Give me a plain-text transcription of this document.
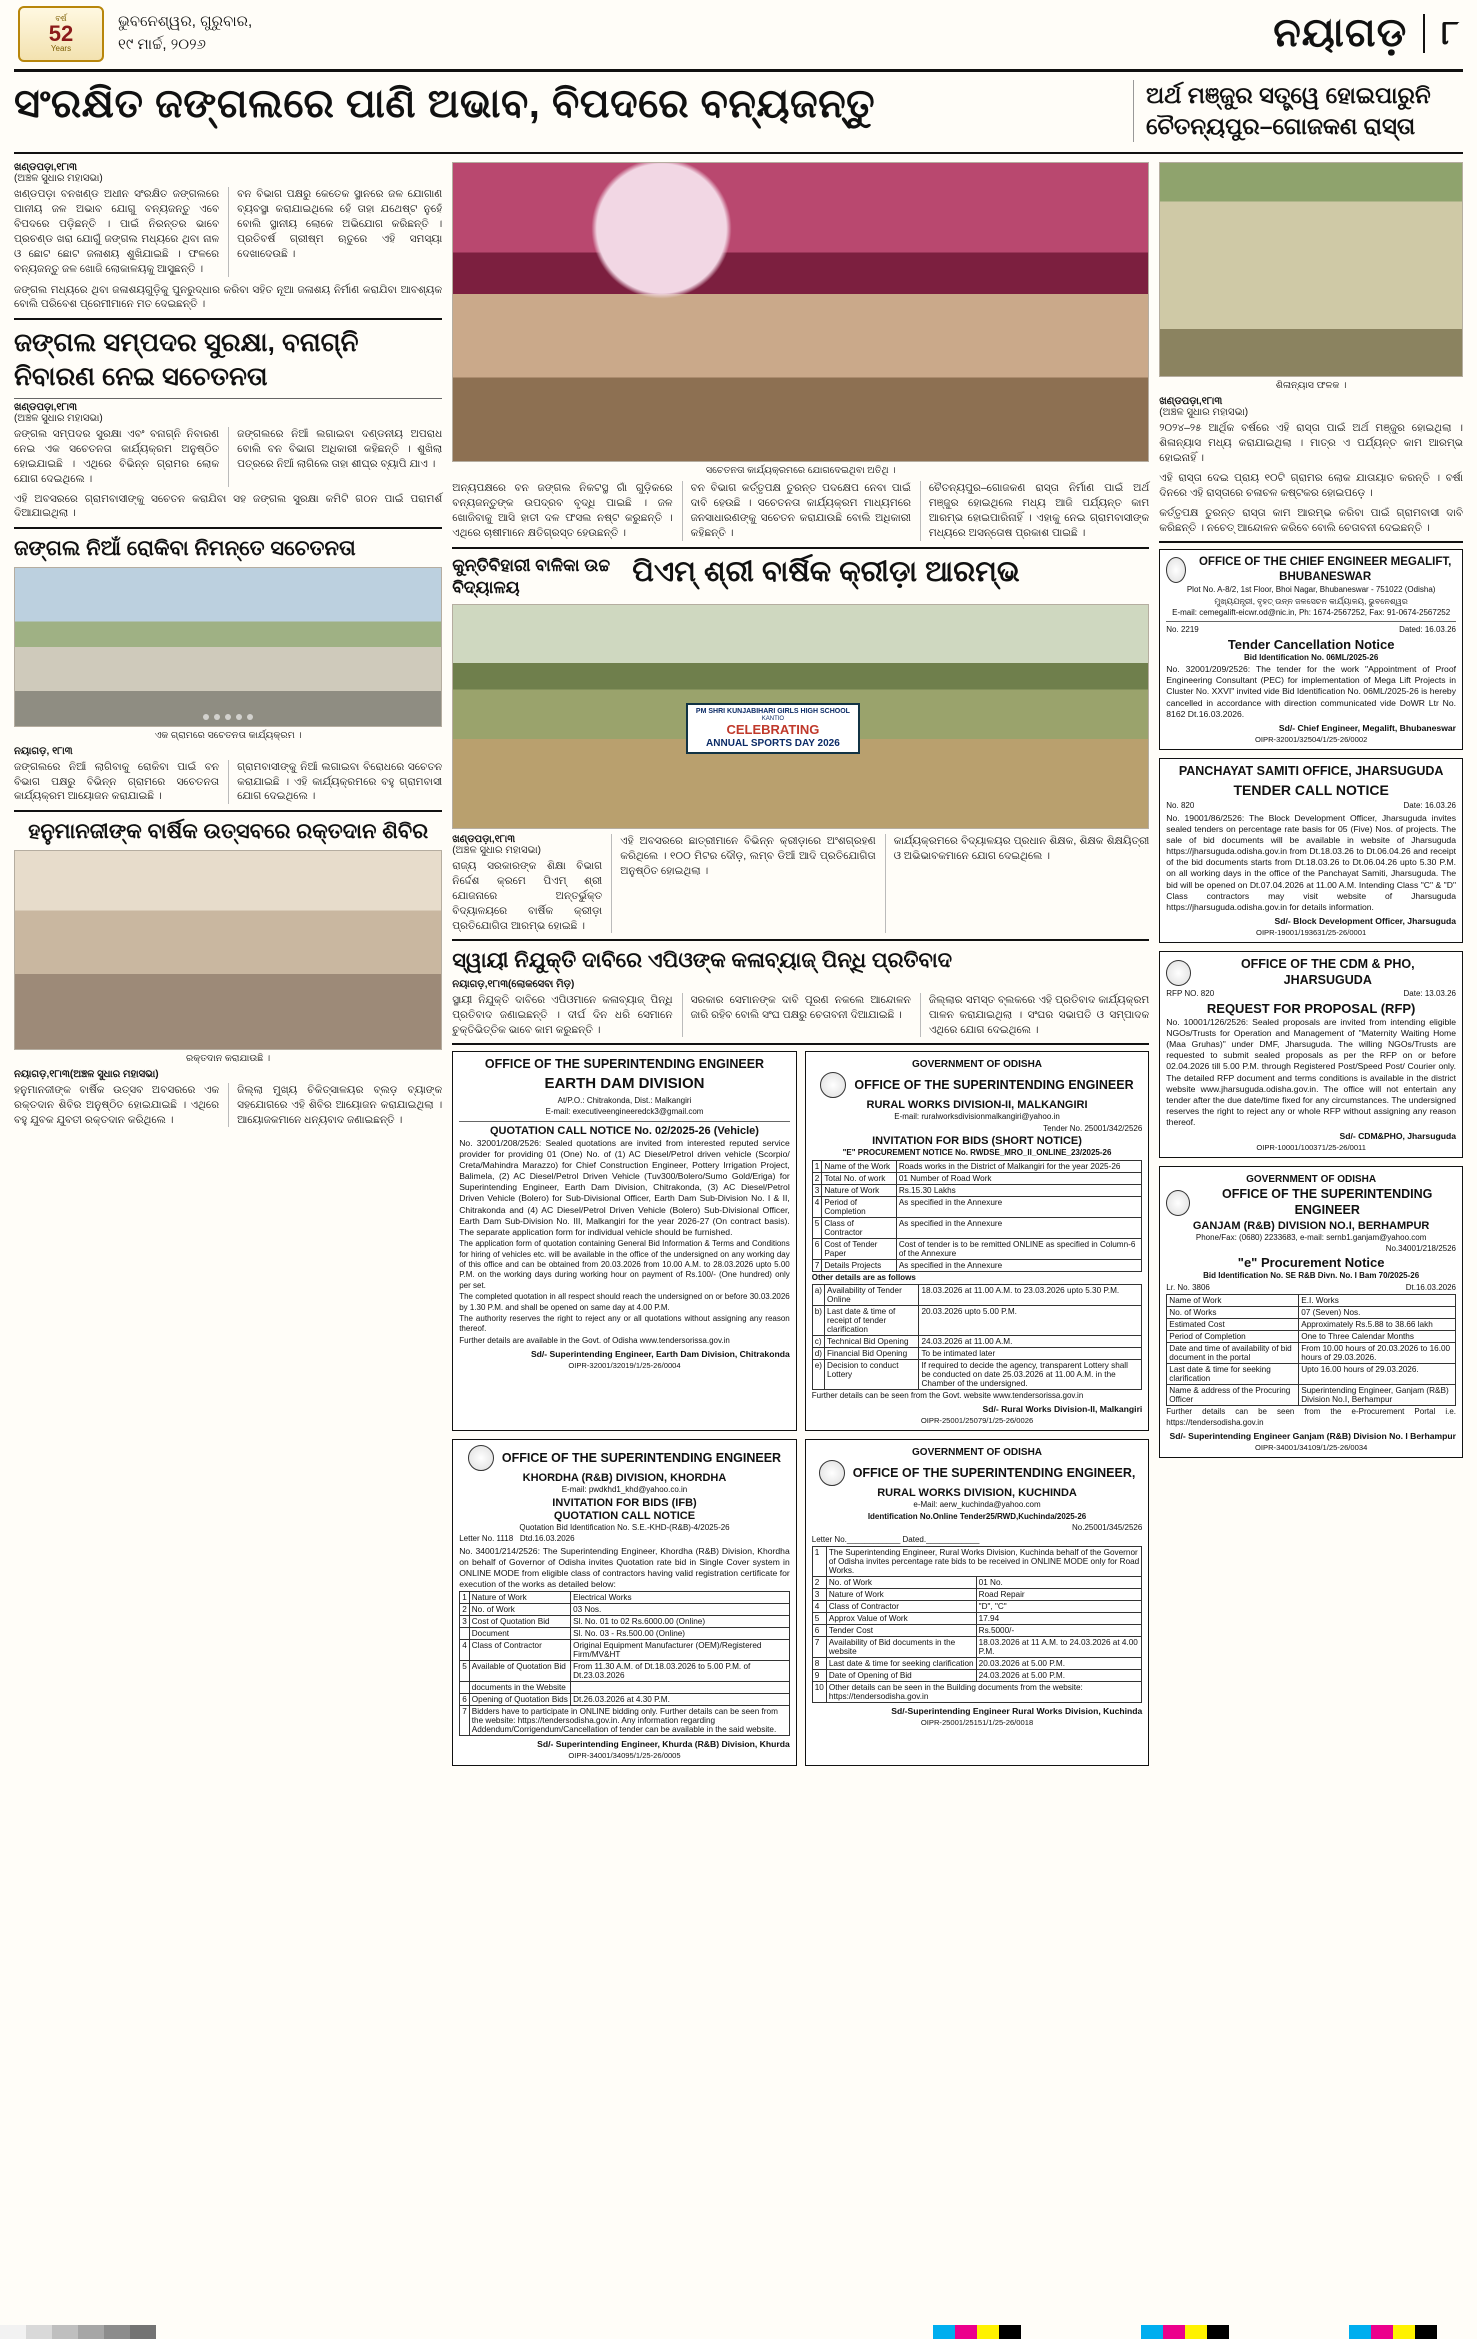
ବର୍ଷ
52
Years
ଭୁବନେଶ୍ୱର, ଗୁରୁବାର,
୧୯ ମାର୍ଚ୍ଚ, ୨୦୨୬	ନୟାଗଡ଼	୮
ସଂରକ୍ଷିତ ଜଙ୍ଗଲରେ ପାଣି ଅଭାବ, ବିପଦରେ ବନ୍ୟଜନ୍ତୁ	ଅର୍ଥ ମଞ୍ଜୁର ସତ୍ତ୍ୱେ ହୋଇପାରୁନି ଚୈତନ୍ୟପୁର–ଗୋଜକଣ ରାସ୍ତା
ଖଣ୍ଡପଡ଼ା,୧୮ା୩
(ଅଞ୍ଚଳ ସୁଧାର ମହାସଭା)
ଖଣ୍ଡପଡ଼ା ବନଖଣ୍ଡ ଅଧୀନ ସଂରକ୍ଷିତ ଜଙ୍ଗଲରେ ପାନୀୟ ଜଳ ଅଭାବ ଯୋଗୁ ବନ୍ୟଜନ୍ତୁ ଏବେ ବିପଦରେ ପଡ଼ିଛନ୍ତି । ପାଇଁ ନିରନ୍ତର ଭାବେ ପ୍ରଚଣ୍ଡ ଖରା ଯୋଗୁଁ ଜଙ୍ଗଲ ମଧ୍ୟରେ ଥିବା ନାଳ ଓ ଛୋଟ ଛୋଟ ଜଳାଶୟ ଶୁଖିଯାଇଛି । ଫଳରେ ବନ୍ୟଜନ୍ତୁ ଜଳ ଖୋଜି ଲୋକାଳୟକୁ ଆସୁଛନ୍ତି ।
ବନ ବିଭାଗ ପକ୍ଷରୁ କେତେକ ସ୍ଥାନରେ ଜଳ ଯୋଗାଣ ବ୍ୟବସ୍ଥା କରାଯାଇଥିଲେ ହେଁ ତାହା ଯଥେଷ୍ଟ ନୁହେଁ ବୋଲି ସ୍ଥାନୀୟ ଲୋକେ ଅଭିଯୋଗ କରିଛନ୍ତି । ପ୍ରତିବର୍ଷ ଗ୍ରୀଷ୍ମ ଋତୁରେ ଏହି ସମସ୍ୟା ଦେଖାଦେଉଛି ।
ଜଙ୍ଗଲ ମଧ୍ୟରେ ଥିବା ଜଳାଶୟଗୁଡ଼ିକୁ ପୁନରୁଦ୍ଧାର କରିବା ସହିତ ନୂଆ ଜଳାଶୟ ନିର୍ମାଣ କରାଯିବା ଆବଶ୍ୟକ ବୋଲି ପରିବେଶ ପ୍ରେମୀମାନେ ମତ ଦେଇଛନ୍ତି ।
ଜଙ୍ଗଲ ସମ୍ପଦର ସୁରକ୍ଷା, ବନାଗ୍ନି ନିବାରଣ ନେଇ ସଚେତନତା
ଖଣ୍ଡପଡ଼ା,୧୮ା୩
(ଅଞ୍ଚଳ ସୁଧାର ମହାସଭା)
ଜଙ୍ଗଲ ସମ୍ପଦର ସୁରକ୍ଷା ଏବଂ ବନାଗ୍ନି ନିବାରଣ ନେଇ ଏକ ସଚେତନତା କାର୍ଯ୍ୟକ୍ରମ ଅନୁଷ୍ଠିତ ହୋଇଯାଇଛି । ଏଥିରେ ବିଭିନ୍ନ ଗ୍ରାମର ଲୋକ ଯୋଗ ଦେଇଥିଲେ ।
ଜଙ୍ଗଲରେ ନିଆଁ ଲଗାଇବା ଦଣ୍ଡନୀୟ ଅପରାଧ ବୋଲି ବନ ବିଭାଗ ଅଧିକାରୀ କହିଛନ୍ତି । ଶୁଖିଲା ପତ୍ରରେ ନିଆଁ ଲାଗିଲେ ତାହା ଶୀଘ୍ର ବ୍ୟାପି ଯାଏ ।
ଏହି ଅବସରରେ ଗ୍ରାମବାସୀଙ୍କୁ ସଚେତନ କରାଯିବା ସହ ଜଙ୍ଗଲ ସୁରକ୍ଷା କମିଟି ଗଠନ ପାଇଁ ପରାମର୍ଶ ଦିଆଯାଇଥିଲା ।
ଜଙ୍ଗଲ ନିଆଁ ରୋକିବା ନିମନ୍ତେ ସଚେତନତା
ଏକ ଗ୍ରାମରେ ସଚେତନତା କାର୍ଯ୍ୟକ୍ରମ ।
ନୟାଗଡ଼, ୧୮ା୩
ଜଙ୍ଗଲରେ ନିଆଁ ଲାଗିବାକୁ ରୋକିବା ପାଇଁ ବନ ବିଭାଗ ପକ୍ଷରୁ ବିଭିନ୍ନ ଗ୍ରାମରେ ସଚେତନତା କାର୍ଯ୍ୟକ୍ରମ ଆୟୋଜନ କରାଯାଇଛି ।
ଗ୍ରାମବାସୀଙ୍କୁ ନିଆଁ ଲଗାଇବା ବିରୋଧରେ ସଚେତନ କରାଯାଇଛି । ଏହି କାର୍ଯ୍ୟକ୍ରମରେ ବହୁ ଗ୍ରାମବାସୀ ଯୋଗ ଦେଇଥିଲେ ।
ହନୁମାନଜୀଙ୍କ ବାର୍ଷିକ ଉତ୍ସବରେ ରକ୍ତଦାନ ଶିବିର
ରକ୍ତଦାନ କରାଯାଉଛି ।
ନୟାଗଡ଼,୧୮ା୩(ଅଞ୍ଚଳ ସୁଧାର ମହାସଭା)
ହନୁମାନଜୀଙ୍କ ବାର୍ଷିକ ଉତ୍ସବ ଅବସରରେ ଏକ ରକ୍ତଦାନ ଶିବିର ଅନୁଷ୍ଠିତ ହୋଇଯାଇଛି । ଏଥିରେ ବହୁ ଯୁବକ ଯୁବତୀ ରକ୍ତଦାନ କରିଥିଲେ ।
ଜିଲ୍ଲା ମୁଖ୍ୟ ଚିକିତ୍ସାଳୟର ବ୍ଲଡ଼ ବ୍ୟାଙ୍କ ସହଯୋଗରେ ଏହି ଶିବିର ଆୟୋଜନ କରାଯାଇଥିଲା । ଆୟୋଜକମାନେ ଧନ୍ୟବାଦ ଜଣାଇଛନ୍ତି ।
ସଚେତନତା କାର୍ଯ୍ୟକ୍ରମରେ ଯୋଗଦେଇଥିବା ଅତିଥି ।
ଅନ୍ୟପକ୍ଷରେ ବନ ଜଙ୍ଗଲ ନିକଟସ୍ଥ ଗାଁ ଗୁଡ଼ିକରେ ବନ୍ୟଜନ୍ତୁଙ୍କ ଉପଦ୍ରବ ବୃଦ୍ଧି ପାଇଛି । ଜଳ ଖୋଜିବାକୁ ଆସି ହାତୀ ଦଳ ଫସଲ ନଷ୍ଟ କରୁଛନ୍ତି । ଏଥିରେ ଚାଷୀମାନେ କ୍ଷତିଗ୍ରସ୍ତ ହେଉଛନ୍ତି ।
ବନ ବିଭାଗ କର୍ତ୍ତୃପକ୍ଷ ତୁରନ୍ତ ପଦକ୍ଷେପ ନେବା ପାଇଁ ଦାବି ହେଉଛି । ସଚେତନତା କାର୍ଯ୍ୟକ୍ରମ ମାଧ୍ୟମରେ ଜନସାଧାରଣଙ୍କୁ ସଚେତନ କରାଯାଉଛି ବୋଲି ଅଧିକାରୀ କହିଛନ୍ତି ।
ଚୈତନ୍ୟପୁର–ଗୋଜକଣ ରାସ୍ତା ନିର୍ମାଣ ପାଇଁ ଅର୍ଥ ମଞ୍ଜୁର ହୋଇଥିଲେ ମଧ୍ୟ ଆଜି ପର୍ଯ୍ୟନ୍ତ କାମ ଆରମ୍ଭ ହୋଇପାରିନାହିଁ । ଏହାକୁ ନେଇ ଗ୍ରାମବାସୀଙ୍କ ମଧ୍ୟରେ ଅସନ୍ତୋଷ ପ୍ରକାଶ ପାଇଛି ।
କୁନ୍ତିବିହାରୀ ବାଳିକା ଉଚ୍ଚ ବିଦ୍ୟାଳୟ	ପିଏମ୍ ଶ୍ରୀ ବାର୍ଷିକ କ୍ରୀଡ଼ା ଆରମ୍ଭ
PM SHRI KUNJABIHARI GIRLS HIGH SCHOOL
KANTIO
CELEBRATING
ANNUAL SPORTS DAY 2026
ଖଣ୍ଡପଡ଼ା,୧୮ା୩
(ଅଞ୍ଚଳ ସୁଧାର ମହାସଭା)
ରାଜ୍ୟ ସରକାରଙ୍କ ଶିକ୍ଷା ବିଭାଗ ନିର୍ଦ୍ଦେଶ କ୍ରମେ ପିଏମ୍ ଶ୍ରୀ ଯୋଜନାରେ ଅନ୍ତର୍ଭୁକ୍ତ ବିଦ୍ୟାଳୟରେ ବାର୍ଷିକ କ୍ରୀଡ଼ା ପ୍ରତିଯୋଗିତା ଆରମ୍ଭ ହୋଇଛି ।
ଏହି ଅବସରରେ ଛାତ୍ରୀମାନେ ବିଭିନ୍ନ କ୍ରୀଡ଼ାରେ ଅଂଶଗ୍ରହଣ କରିଥିଲେ । ୧୦୦ ମିଟର ଦୌଡ଼, ଲମ୍ବ ଡିଆଁ ଆଦି ପ୍ରତିଯୋଗିତା ଅନୁଷ୍ଠିତ ହୋଇଥିଲା ।
କାର୍ଯ୍ୟକ୍ରମରେ ବିଦ୍ୟାଳୟର ପ୍ରଧାନ ଶିକ୍ଷକ, ଶିକ୍ଷକ ଶିକ୍ଷୟିତ୍ରୀ ଓ ଅଭିଭାବକମାନେ ଯୋଗ ଦେଇଥିଲେ ।
ସ୍ୱାୟୀ ନିଯୁକ୍ତି ଦାବିରେ ଏପିଓଙ୍କ କଳାବ୍ୟାଜ୍ ପିନ୍ଧି ପ୍ରତିବାଦ
ନୟାଗଡ଼,୧୮ା୩(ଲୋକସେବା ମିଡ଼)
ସ୍ଥାୟୀ ନିଯୁକ୍ତି ଦାବିରେ ଏପିଓମାନେ କଳାବ୍ୟାଜ୍ ପିନ୍ଧି ପ୍ରତିବାଦ ଜଣାଇଛନ୍ତି । ଦୀର୍ଘ ଦିନ ଧରି ସେମାନେ ଚୁକ୍ତିଭିତ୍ତିକ ଭାବେ କାମ କରୁଛନ୍ତି ।
ସରକାର ସେମାନଙ୍କ ଦାବି ପୂରଣ ନକଲେ ଆନ୍ଦୋଳନ ଜାରି ରହିବ ବୋଲି ସଂଘ ପକ୍ଷରୁ ଚେତାବନୀ ଦିଆଯାଇଛି ।
ଜିଲ୍ଲାର ସମସ୍ତ ବ୍ଲକରେ ଏହି ପ୍ରତିବାଦ କାର୍ଯ୍ୟକ୍ରମ ପାଳନ କରାଯାଇଥିଲା । ସଂଘର ସଭାପତି ଓ ସମ୍ପାଦକ ଏଥିରେ ଯୋଗ ଦେଇଥିଲେ ।
OFFICE OF THE SUPERINTENDING ENGINEER
EARTH DAM DIVISION

At/P.O.: Chitrakonda, Dist.: Malkangiri

E-mail: executiveengineeredck3@gmail.com

QUOTATION CALL NOTICE No. 02/2025-26 (Vehicle)

No. 32001/208/2526: Sealed quotations are invited from interested reputed service provider for providing 01 (One) No. of (1) AC Diesel/Petrol driven vehicle (Scorpio/ Creta/Mahindra Marazzo) for Chief Construction Engineer, Pottery Irrigation Project, Balimela, (2) AC Diesel/Petrol Driven Vehicle (Tuv300/Bolero/Sumo Gold/Eriga) for Superintending Engineer, Earth Dam Division, Chitrakonda, (3) AC Diesel/Petrol Driven Vehicle (Bolero) for Sub-Divisional Officer, Earth Dam Sub-Division No. I & II, Chitrakonda and (4) AC Diesel/Petrol Driven Vehicle (Bolero) Sub-Divisional Officer, Earth Dam Sub-Division No. III, Malkangiri for the year 2026-27 (On contract basis). The separate application form for individual vehicle should be furnished.

The application form of quotation containing General Bid Information & Terms and Conditions for hiring of vehicles etc. will be available in the office of the undersigned on any working day of this office and can be obtained from 20.03.2026 from 10.00 A.M. to 28.03.2026 upto 5.00 P.M. on the working days during working hour on payment of Rs.100/- (One hundred) only per set.

The completed quotation in all respect should reach the undersigned on or before 30.03.2026 by 1.30 P.M. and shall be opened on same day at 4.00 P.M.

The authority reserves the right to reject any or all quotations without assigning any reason thereof.

Further details are available in the Govt. of Odisha www.tendersorissa.gov.in

Sd/- Superintending Engineer, Earth Dam Division, Chitrakonda
OIPR-32001/32019/1/25-26/0004

GOVERNMENT OF ODISHA

OFFICE OF THE SUPERINTENDING ENGINEER
RURAL WORKS DIVISION-II, MALKANGIRI

E-mail: ruralworksdivisionmalkangiri@yahoo.in

Tender No. 25001/342/2526

INVITATION FOR BIDS (SHORT NOTICE)

"E" PROCUREMENT NOTICE No. RWDSE_MRO_II_ONLINE_23/2025-26

1	Name of the Work	Roads works in the District of Malkangiri for the year 2025-26
2	Total No. of work	01 Number of Road Work
3	Nature of Work	Rs.15.30 Lakhs
4	Period of Completion	As specified in the Annexure
5	Class of Contractor	As specified in the Annexure
6	Cost of Tender Paper	Cost of tender is to be remitted ONLINE as specified in Column-6 of the Annexure
7	Details Projects	As specified in the Annexure

Other details are as follows

a)	Availability of Tender Online	18.03.2026 at 11.00 A.M. to 23.03.2026 upto 5.30 P.M.
b)	Last date & time of receipt of tender clarification	20.03.2026 upto 5.00 P.M.
c)	Technical Bid Opening	24.03.2026 at 11.00 A.M.
d)	Financial Bid Opening	To be intimated later
e)	Decision to conduct Lottery	If required to decide the agency, transparent Lottery shall be conducted on date 25.03.2026 at 11.00 A.M. in the Chamber of the undersigned.

Further details can be seen from the Govt. website www.tendersorissa.gov.in

Sd/- Rural Works Division-II, Malkangiri
OIPR-25001/25079/1/25-26/0026
OFFICE OF THE SUPERINTENDING ENGINEER
KHORDHA (R&B) DIVISION, KHORDHA

E-mail: pwdkhd1_khd@yahoo.co.in

INVITATION FOR BIDS (IFB)
QUOTATION CALL NOTICE

Quotation Bid Identification No. S.E.-KHD-(R&B)-4/2025-26

Letter No. 1118 Dtd.16.03.2026

No. 34001/214/2526: The Superintending Engineer, Khordha (R&B) Division, Khordha on behalf of Governor of Odisha invites Quotation rate bid in Single Cover system in ONLINE MODE from eligible class of contractors having valid registration certificate for execution of the works as detailed below:

1	Nature of Work	Electrical Works
2	No. of Work	03 Nos.
3	Cost of Quotation Bid	Sl. No. 01 to 02 Rs.6000.00 (Online)
	Document	Sl. No. 03 - Rs.500.00 (Online)
4	Class of Contractor	Original Equipment Manufacturer (OEM)/Registered Firm/MV&HT
5	Available of Quotation Bid	From 11.30 A.M. of Dt.18.03.2026 to 5.00 P.M. of Dt.23.03.2026
	documents in the Website	
6	Opening of Quotation Bids	Dt.26.03.2026 at 4.30 P.M.
7	Bidders have to participate in ONLINE bidding only. Further details can be seen from the website: https://tendersodisha.gov.in. Any information regarding Addendum/Corrigendum/Cancellation of tender can be available in the said website.	
Sd/- Superintending Engineer, Khurda (R&B) Division, Khurda
OIPR-34001/34095/1/25-26/0005

GOVERNMENT OF ODISHA

OFFICE OF THE SUPERINTENDING ENGINEER,
RURAL WORKS DIVISION, KUCHINDA

e-Mail: aerw_kuchinda@yahoo.com

Identification No.Online Tender25/RWD,Kuchinda/2025-26

No.25001/345/2526

Letter No.____________ Dated.____________

1	The Superintending Engineer, Rural Works Division, Kuchinda behalf of the Governor of Odisha invites percentage rate bids to be received in ONLINE MODE only for Road Works.	
2	No. of Work	01 No.
3	Nature of Work	Road Repair
4	Class of Contractor	"D", "C"
5	Approx Value of Work	17.94
6	Tender Cost	Rs.5000/-
7	Availability of Bid documents in the website	18.03.2026 at 11 A.M. to 24.03.2026 at 4.00 P.M.
8	Last date & time for seeking clarification	20.03.2026 at 5.00 P.M.
9	Date of Opening of Bid	24.03.2026 at 5.00 P.M.
10	Other details can be seen in the Building documents from the website: https://tendersodisha.gov.in	
Sd/-Superintending Engineer Rural Works Division, Kuchinda
OIPR-25001/25151/1/25-26/0018
ଶିଳାନ୍ୟାସ ଫଳକ ।
ଖଣ୍ଡପଡ଼ା,୧୮ା୩
(ଅଞ୍ଚଳ ସୁଧାର ମହାସଭା)
୨୦୨୪–୨୫ ଆର୍ଥିକ ବର୍ଷରେ ଏହି ରାସ୍ତା ପାଇଁ ଅର୍ଥ ମଞ୍ଜୁର ହୋଇଥିଲା । ଶିଳାନ୍ୟାସ ମଧ୍ୟ କରାଯାଇଥିଲା । ମାତ୍ର ଏ ପର୍ଯ୍ୟନ୍ତ କାମ ଆରମ୍ଭ ହୋଇନାହିଁ ।
ଏହି ରାସ୍ତା ଦେଇ ପ୍ରାୟ ୧୦ଟି ଗ୍ରାମର ଲୋକ ଯାତାୟାତ କରନ୍ତି । ବର୍ଷା ଦିନରେ ଏହି ରାସ୍ତାରେ ଚଳାଚଳ କଷ୍ଟକର ହୋଇପଡ଼େ ।
କର୍ତ୍ତୃପକ୍ଷ ତୁରନ୍ତ ରାସ୍ତା କାମ ଆରମ୍ଭ କରିବା ପାଇଁ ଗ୍ରାମବାସୀ ଦାବି କରିଛନ୍ତି । ନଚେତ୍ ଆନ୍ଦୋଳନ କରିବେ ବୋଲି ଚେତାବନୀ ଦେଇଛନ୍ତି ।
OFFICE OF THE CHIEF ENGINEER MEGALIFT, BHUBANESWAR

Plot No. A-8/2, 1st Floor, Bhoi Nagar, Bhubaneswar - 751022 (Odisha)

ମୁଖ୍ୟଯନ୍ତ୍ରୀ, ବୃହତ୍ ଉନ୍ନ ଜଳସେଚନ କାର୍ଯ୍ୟାଳୟ, ଭୁବନେଶ୍ୱର

E-mail: cemegalift-eicwr.od@nic.in, Ph: 1674-2567252, Fax: 91-0674-2567252

No. 2219	Dated: 16.03.26

Tender Cancellation Notice

Bid Identification No. 06ML/2025-26

No. 32001/209/2526: The tender for the work "Appointment of Proof Engineering Consultant (PEC) for implementation of Mega Lift Projects in Cluster No. XXVI" invited vide Bid Identification No. 06ML/2025-26 is hereby cancelled in accordance with direction communicated vide DoWR Ltr No. 8162 Dt.16.03.2026.

Sd/- Chief Engineer, Megalift, Bhubaneswar
OIPR-32001/32504/1/25-26/0002
PANCHAYAT SAMITI OFFICE, JHARSUGUDA
TENDER CALL NOTICE

No. 820	Date: 16.03.26

No. 19001/86/2526: The Block Development Officer, Jharsuguda invites sealed tenders on percentage rate basis for 05 (Five) Nos. of projects. The sale of bid documents will be available in website of Jharsuguda https://jharsuguda.odisha.gov.in from Dt.18.03.26 to Dt.06.04.26 and receipt of the bid documents starts from Dt.18.03.26 to Dt.06.04.26 upto 5.30 P.M. on all working days in the office of the Panchayat Samiti, Jharsuguda. The bid will be opened on Dt.07.04.2026 at 11.00 A.M. Intending Class "C" & "D" Class contractors may visit website of Jharsuguda https://jharsuguda.odisha.gov.in for details information.

Sd/- Block Development Officer, Jharsuguda
OIPR-19001/193631/25-26/0001
OFFICE OF THE CDM & PHO, JHARSUGUDA

RFP NO. 820	Date: 13.03.26

REQUEST FOR PROPOSAL (RFP)

No. 10001/126/2526: Sealed proposals are invited from intending eligible NGOs/Trusts for Operation and Management of "Maternity Waiting Home (Maa Gruhas)" under DMF, Jharsuguda. The willing NGOs/Trusts are requested to submit sealed proposals as per the RFP on or before 02.04.2026 till 5.00 P.M. through Registered Post/Speed Post/ Courier only. The detailed RFP document and terms conditions is available in the district website www.jharsuguda.odisha.gov.in. The office will not entertain any tender after the due date/time fixed for any circumstances. The undersigned reserves the right to reject any or whole RFP without assigning any reason thereof.

Sd/- CDM&PHO, Jharsuguda
OIPR-10001/100371/25-26/0011

GOVERNMENT OF ODISHA

OFFICE OF THE SUPERINTENDING ENGINEER
GANJAM (R&B) DIVISION NO.I, BERHAMPUR

Phone/Fax: (0680) 2233683, e-mail: sernb1.ganjam@yahoo.com

No.34001/218/2526

"e" Procurement Notice

Bid Identification No. SE R&B Divn. No. I Bam 70/2025-26

Lr. No. 3806	Dt.16.03.2026

Name of Work	E.I. Works
No. of Works	07 (Seven) Nos.
Estimated Cost	Approximately Rs.5.88 to 38.66 lakh
Period of Completion	One to Three Calendar Months
Date and time of availability of bid document in the portal	From 10.00 hours of 20.03.2026 to 16.00 hours of 29.03.2026.
Last date & time for seeking clarification	Upto 16.00 hours of 29.03.2026.
Name & address of the Procuring Officer	Superintending Engineer, Ganjam (R&B) Division No.I, Berhampur

Further details can be seen from the e-Procurement Portal i.e. https://tendersodisha.gov.in

Sd/- Superintending Engineer Ganjam (R&B) Division No. I Berhampur
OIPR-34001/34109/1/25-26/0034
